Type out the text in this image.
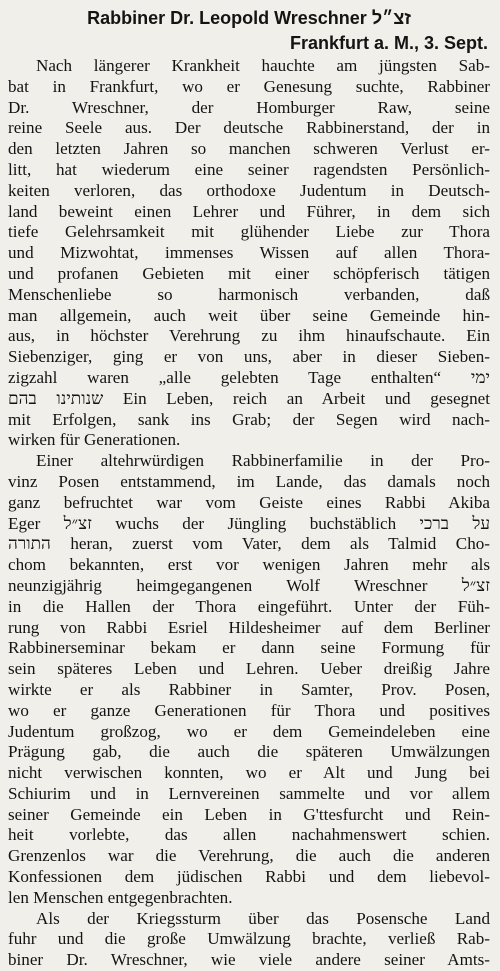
Rabbiner Dr. Leopold Wreschner זצ״ל

Frankfurt a. M., 3. Sept.

Nach längerer Krankheit hauchte am jüngsten Sab-
bat in Frankfurt, wo er Genesung suchte, Rabbiner
Dr. Wreschner, der Homburger Raw, seine
reine Seele aus. Der deutsche Rabbinerstand, der in
den letzten Jahren so manchen schweren Verlust er-
litt, hat wiederum eine seiner ragendsten Persönlich-
keiten verloren, das orthodoxe Judentum in Deutsch-
land beweint einen Lehrer und Führer, in dem sich
tiefe Gelehrsamkeit mit glühender Liebe zur Thora
und Mizwohtat, immenses Wissen auf allen Thora-
und profanen Gebieten mit einer schöpferisch tätigen
Menschenliebe so harmonisch verbanden, daß
man allgemein, auch weit über seine Gemeinde hin-
aus, in höchster Verehrung zu ihm hinaufschaute. Ein
Siebenziger, ging er von uns, aber in dieser Sieben-
zigzahl waren „alle gelebten Tage enthalten“ ימי
שנותינו בהם Ein Leben, reich an Arbeit und gesegnet
mit Erfolgen, sank ins Grab; der Segen wird nach-
wirken für Generationen.
Einer altehrwürdigen Rabbinerfamilie in der Pro-
vinz Posen entstammend, im Lande, das damals noch
ganz befruchtet war vom Geiste eines Rabbi Akiba
Eger זצ״ל wuchs der Jüngling buchstäblich על ברכי
התורה heran, zuerst vom Vater, dem als Talmid Cho-
chom bekannten, erst vor wenigen Jahren mehr als
neunzigjährig heimgegangenen Wolf Wreschner זצ״ל
in die Hallen der Thora eingeführt. Unter der Füh-
rung von Rabbi Esriel Hildesheimer auf dem Berliner
Rabbinerseminar bekam er dann seine Formung für
sein späteres Leben und Lehren. Ueber dreißig Jahre
wirkte er als Rabbiner in Samter, Prov. Posen,
wo er ganze Generationen für Thora und positives
Judentum großzog, wo er dem Gemeindeleben eine
Prägung gab, die auch die späteren Umwälzungen
nicht verwischen konnten, wo er Alt und Jung bei
Schiurim und in Lernvereinen sammelte und vor allem
seiner Gemeinde ein Leben in G'ttesfurcht und Rein-
heit vorlebte, das allen nachahmenswert schien.
Grenzenlos war die Verehrung, die auch die anderen
Konfessionen dem jüdischen Rabbi und dem liebevol-
len Menschen entgegenbrachten.
Als der Kriegssturm über das Posensche Land
fuhr und die große Umwälzung brachte, verließ Rab-
biner Dr. Wreschner, wie viele andere seiner Amts-
